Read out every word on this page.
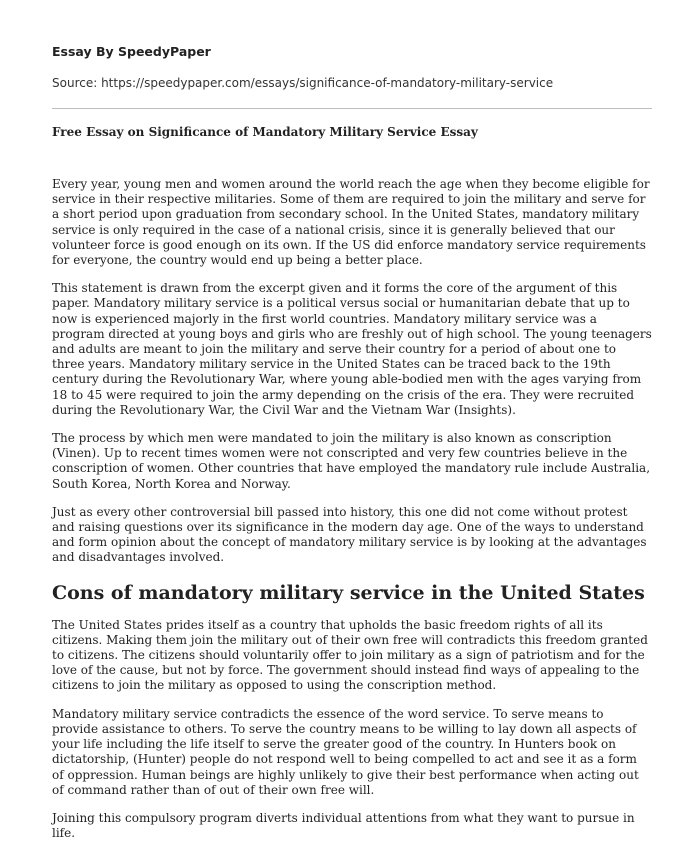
Essay By SpeedyPaper
Source: https://speedypaper.com/essays/significance-of-mandatory-military-service
Free Essay on Significance of Mandatory Military Service Essay

Every year, young men and women around the world reach the age when they become eligible for service in their respective militaries. Some of them are required to join the military and serve for a short period upon graduation from secondary school. In the United States, mandatory military service is only required in the case of a national crisis, since it is generally believed that our volunteer force is good enough on its own. If the US did enforce mandatory service requirements for everyone, the country would end up being a better place.

This statement is drawn from the excerpt given and it forms the core of the argument of this paper. Mandatory military service is a political versus social or humanitarian debate that up to now is experienced majorly in the first world countries. Mandatory military service was a program directed at young boys and girls who are freshly out of high school. The young teenagers and adults are meant to join the military and serve their country for a period of about one to three years. Mandatory military service in the United States can be traced back to the 19th century during the Revolutionary War, where young able-bodied men with the ages varying from 18 to 45 were required to join the army depending on the crisis of the era. They were recruited during the Revolutionary War, the Civil War and the Vietnam War (Insights).

The process by which men were mandated to join the military is also known as conscription (Vinen). Up to recent times women were not conscripted and very few countries believe in the conscription of women. Other countries that have employed the mandatory rule include Australia, South Korea, North Korea and Norway.

Just as every other controversial bill passed into history, this one did not come without protest and raising questions over its significance in the modern day age. One of the ways to understand and form opinion about the concept of mandatory military service is by looking at the advantages and disadvantages involved.

Cons of mandatory military service in the United States

The United States prides itself as a country that upholds the basic freedom rights of all its citizens. Making them join the military out of their own free will contradicts this freedom granted to citizens. The citizens should voluntarily offer to join military as a sign of patriotism and for the love of the cause, but not by force. The government should instead find ways of appealing to the citizens to join the military as opposed to using the conscription method.

Mandatory military service contradicts the essence of the word service. To serve means to provide assistance to others. To serve the country means to be willing to lay down all aspects of your life including the life itself to serve the greater good of the country. In Hunters book on dictatorship, (Hunter) people do not respond well to being compelled to act and see it as a form of oppression. Human beings are highly unlikely to give their best performance when acting out of command rather than of out of their own free will.

Joining this compulsory program diverts individual attentions from what they want to pursue in life.
